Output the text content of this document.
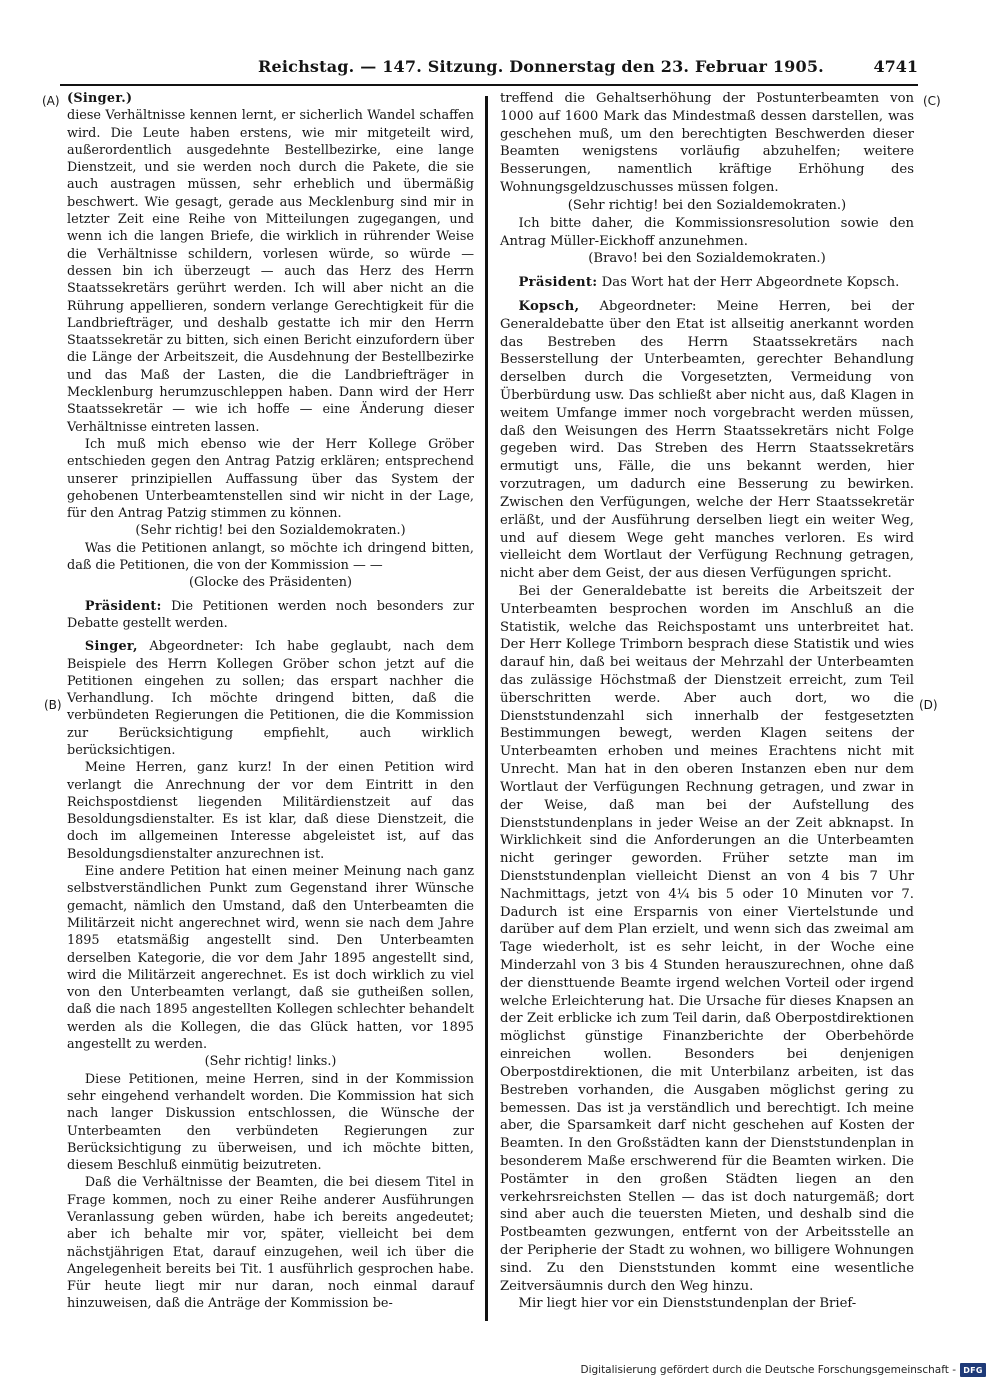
Reichstag. — 147. Sitzung. Donnerstag den 23. Februar 1905.	4741
(A)
(B)
(C)
(D)

(Singer.)

diese Verhältnisse kennen lernt, er sicherlich Wandel schaffen wird. Die Leute haben erstens, wie mir mitgeteilt wird, außerordentlich ausgedehnte Bestellbezirke, eine lange Dienstzeit, und sie werden noch durch die Pakete, die sie auch austragen müssen, sehr erheblich und übermäßig beschwert. Wie gesagt, gerade aus Mecklenburg sind mir in letzter Zeit eine Reihe von Mitteilungen zugegangen, und wenn ich die langen Briefe, die wirklich in rührender Weise die Verhältnisse schildern, vorlesen würde, so würde — dessen bin ich überzeugt — auch das Herz des Herrn Staatssekretärs gerührt werden. Ich will aber nicht an die Rührung appellieren, sondern verlange Gerechtigkeit für die Landbriefträger, und deshalb gestatte ich mir den Herrn Staatssekretär zu bitten, sich einen Bericht einzufordern über die Länge der Arbeitszeit, die Ausdehnung der Bestellbezirke und das Maß der Lasten, die die Landbriefträger in Mecklenburg herumzuschleppen haben. Dann wird der Herr Staatssekretär — wie ich hoffe — eine Änderung dieser Verhältnisse eintreten lassen.

Ich muß mich ebenso wie der Herr Kollege Gröber entschieden gegen den Antrag Patzig erklären; entsprechend unserer prinzipiellen Auffassung über das System der gehobenen Unterbeamtenstellen sind wir nicht in der Lage, für den Antrag Patzig stimmen zu können.

(Sehr richtig! bei den Sozialdemokraten.)

Was die Petitionen anlangt, so möchte ich dringend bitten, daß die Petitionen, die von der Kommission — —

(Glocke des Präsidenten)

Präsident: Die Petitionen werden noch besonders zur Debatte gestellt werden.

Singer, Abgeordneter: Ich habe geglaubt, nach dem Beispiele des Herrn Kollegen Gröber schon jetzt auf die Petitionen eingehen zu sollen; das erspart nachher die Verhandlung. Ich möchte dringend bitten, daß die verbündeten Regierungen die Petitionen, die die Kommission zur Berücksichtigung empfiehlt, auch wirklich berücksichtigen.

Meine Herren, ganz kurz! In der einen Petition wird verlangt die Anrechnung der vor dem Eintritt in den Reichspostdienst liegenden Militärdienstzeit auf das Besoldungsdienstalter. Es ist klar, daß diese Dienstzeit, die doch im allgemeinen Interesse abgeleistet ist, auf das Besoldungsdienstalter anzurechnen ist.

Eine andere Petition hat einen meiner Meinung nach ganz selbstverständlichen Punkt zum Gegenstand ihrer Wünsche gemacht, nämlich den Umstand, daß den Unterbeamten die Militärzeit nicht angerechnet wird, wenn sie nach dem Jahre 1895 etatsmäßig angestellt sind. Den Unterbeamten derselben Kategorie, die vor dem Jahr 1895 angestellt sind, wird die Militärzeit angerechnet. Es ist doch wirklich zu viel von den Unterbeamten verlangt, daß sie gutheißen sollen, daß die nach 1895 angestellten Kollegen schlechter behandelt werden als die Kollegen, die das Glück hatten, vor 1895 angestellt zu werden.

(Sehr richtig! links.)

Diese Petitionen, meine Herren, sind in der Kommission sehr eingehend verhandelt worden. Die Kommission hat sich nach langer Diskussion entschlossen, die Wünsche der Unterbeamten den verbündeten Regierungen zur Berücksichtigung zu überweisen, und ich möchte bitten, diesem Beschluß einmütig beizutreten.

Daß die Verhältnisse der Beamten, die bei diesem Titel in Frage kommen, noch zu einer Reihe anderer Ausführungen Veranlassung geben würden, habe ich bereits angedeutet; aber ich behalte mir vor, später, vielleicht bei dem nächstjährigen Etat, darauf einzugehen, weil ich über die Angelegenheit bereits bei Tit. 1 ausführlich gesprochen habe. Für heute liegt mir nur daran, noch einmal darauf hinzuweisen, daß die Anträge der Kommission be-

treffend die Gehaltserhöhung der Postunterbeamten von 1000 auf 1600 Mark das Mindestmaß dessen darstellen, was geschehen muß, um den berechtigten Beschwerden dieser Beamten wenigstens vorläufig abzuhelfen; weitere Besserungen, namentlich kräftige Erhöhung des Wohnungsgeldzuschusses müssen folgen.

(Sehr richtig! bei den Sozialdemokraten.)

Ich bitte daher, die Kommissionsresolution sowie den Antrag Müller-Eickhoff anzunehmen.

(Bravo! bei den Sozialdemokraten.)

Präsident: Das Wort hat der Herr Abgeordnete Kopsch.

Kopsch, Abgeordneter: Meine Herren, bei der Generaldebatte über den Etat ist allseitig anerkannt worden das Bestreben des Herrn Staatssekretärs nach Besserstellung der Unterbeamten, gerechter Behandlung derselben durch die Vorgesetzten, Vermeidung von Überbürdung usw. Das schließt aber nicht aus, daß Klagen in weitem Umfange immer noch vorgebracht werden müssen, daß den Weisungen des Herrn Staatssekretärs nicht Folge gegeben wird. Das Streben des Herrn Staatssekretärs ermutigt uns, Fälle, die uns bekannt werden, hier vorzutragen, um dadurch eine Besserung zu bewirken. Zwischen den Verfügungen, welche der Herr Staatssekretär erläßt, und der Ausführung derselben liegt ein weiter Weg, und auf diesem Wege geht manches verloren. Es wird vielleicht dem Wortlaut der Verfügung Rechnung getragen, nicht aber dem Geist, der aus diesen Verfügungen spricht.

Bei der Generaldebatte ist bereits die Arbeitszeit der Unterbeamten besprochen worden im Anschluß an die Statistik, welche das Reichspostamt uns unterbreitet hat. Der Herr Kollege Trimborn besprach diese Statistik und wies darauf hin, daß bei weitaus der Mehrzahl der Unterbeamten das zulässige Höchstmaß der Dienstzeit erreicht, zum Teil überschritten werde. Aber auch dort, wo die Dienststundenzahl sich innerhalb der festgesetzten Bestimmungen bewegt, werden Klagen seitens der Unterbeamten erhoben und meines Erachtens nicht mit Unrecht. Man hat in den oberen Instanzen eben nur dem Wortlaut der Verfügungen Rechnung getragen, und zwar in der Weise, daß man bei der Aufstellung des Dienststundenplans in jeder Weise an der Zeit abknapst. In Wirklichkeit sind die Anforderungen an die Unterbeamten nicht geringer geworden. Früher setzte man im Dienststundenplan vielleicht Dienst an von 4 bis 7 Uhr Nachmittags, jetzt von 4¼ bis 5 oder 10 Minuten vor 7. Dadurch ist eine Ersparnis von einer Viertelstunde und darüber auf dem Plan erzielt, und wenn sich das zweimal am Tage wiederholt, ist es sehr leicht, in der Woche eine Minderzahl von 3 bis 4 Stunden herauszurechnen, ohne daß der diensttuende Beamte irgend welchen Vorteil oder irgend welche Erleichterung hat. Die Ursache für dieses Knapsen an der Zeit erblicke ich zum Teil darin, daß Oberpostdirektionen möglichst günstige Finanzberichte der Oberbehörde einreichen wollen. Besonders bei denjenigen Oberpostdirektionen, die mit Unterbilanz arbeiten, ist das Bestreben vorhanden, die Ausgaben möglichst gering zu bemessen. Das ist ja verständlich und berechtigt. Ich meine aber, die Sparsamkeit darf nicht geschehen auf Kosten der Beamten. In den Großstädten kann der Dienststundenplan in besonderem Maße erschwerend für die Beamten wirken. Die Postämter in den großen Städten liegen an den verkehrsreichsten Stellen — das ist doch naturgemäß; dort sind aber auch die teuersten Mieten, und deshalb sind die Postbeamten gezwungen, entfernt von der Arbeitsstelle an der Peripherie der Stadt zu wohnen, wo billigere Wohnungen sind. Zu den Dienststunden kommt eine wesentliche Zeitversäumnis durch den Weg hinzu.

Mir liegt hier vor ein Dienststundenplan der Brief-

Digitalisierung gefördert durch die Deutsche Forschungsgemeinschaft - DFG
